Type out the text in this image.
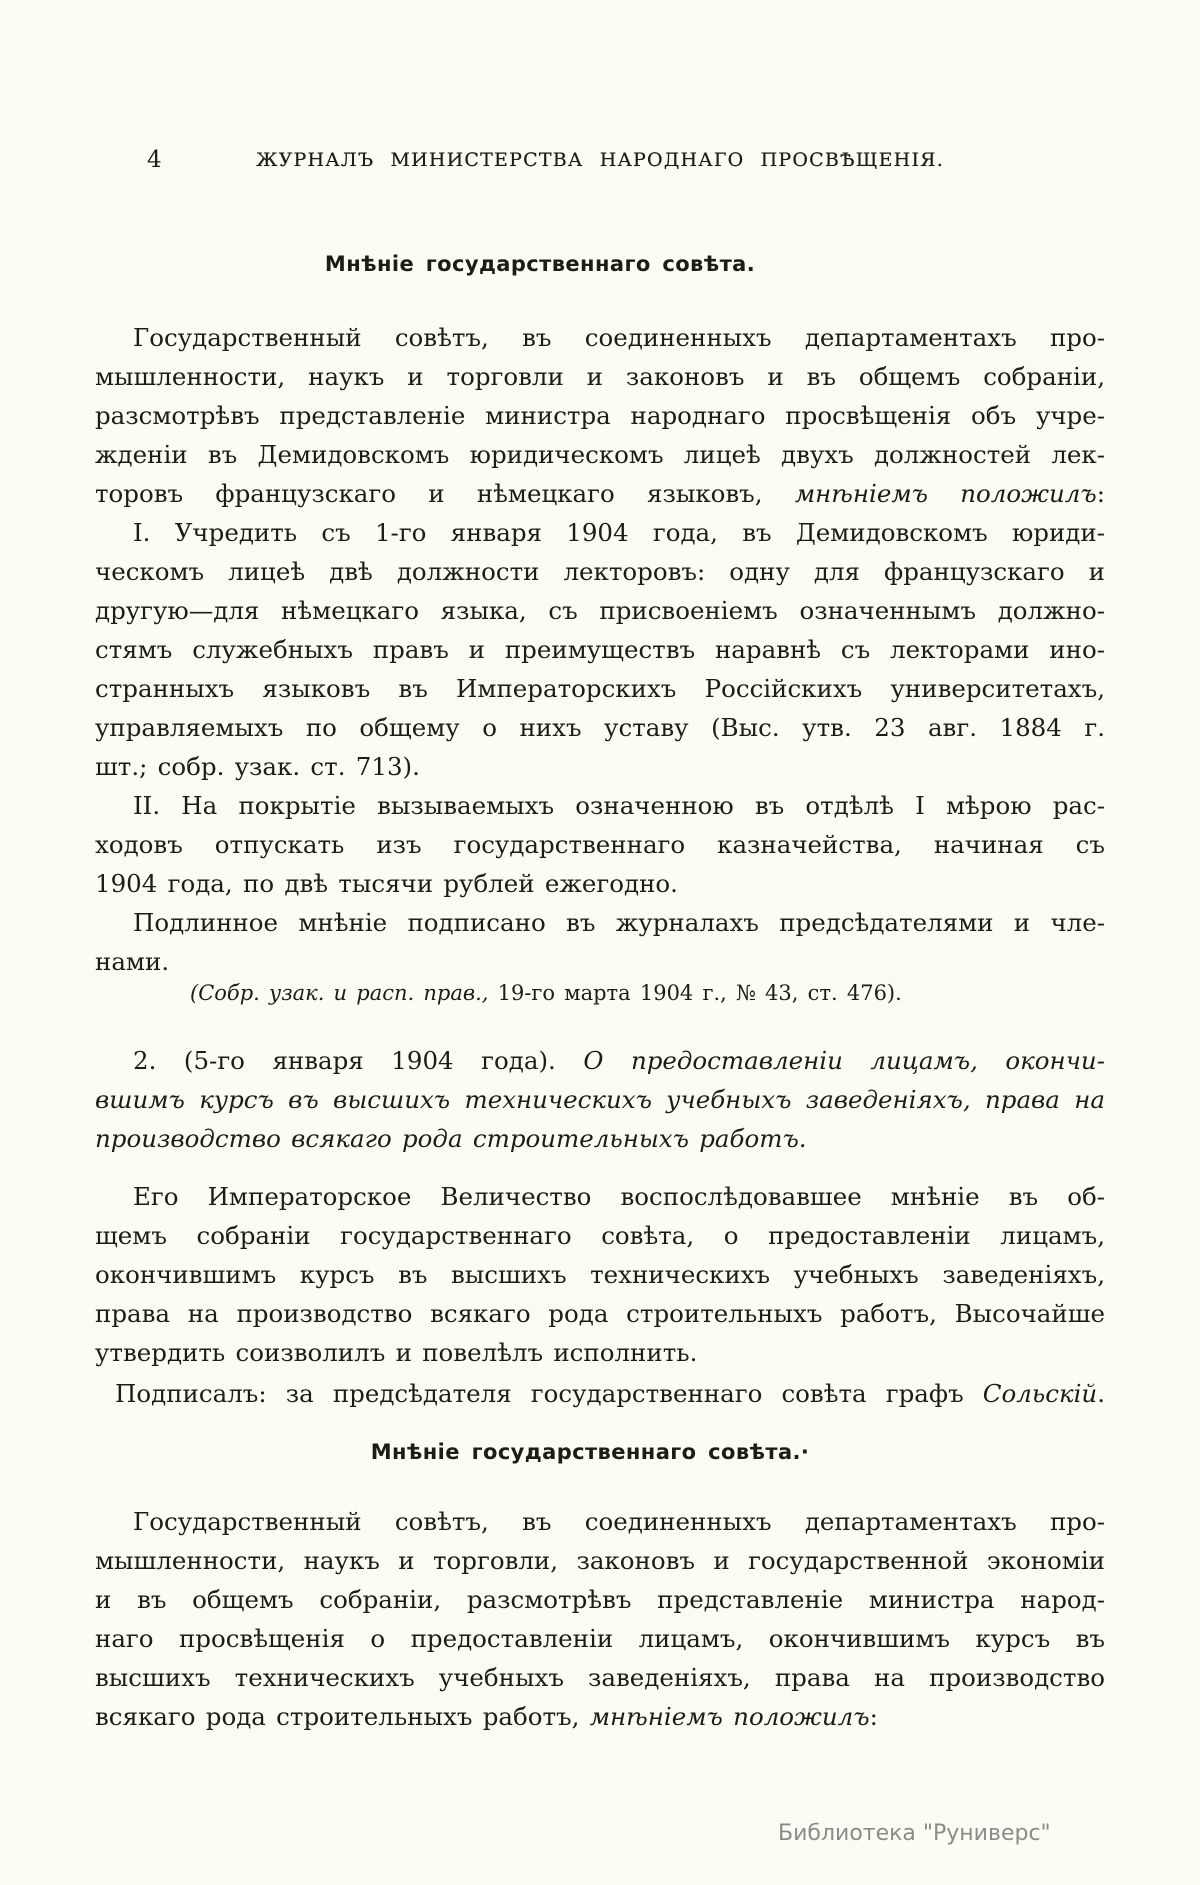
4	ЖУРНАЛЪ МИНИСТЕРСТВА НАРОДНАГО ПРОСВѢЩЕНІЯ.
Мнѣніе государственнаго совѣта.
Государственный совѣтъ, въ соединенныхъ департаментахъ про-
мышленности, наукъ и торговли и законовъ и въ общемъ собраніи,
разсмотрѣвъ представленіе министра народнаго просвѣщенія объ учре-
жденіи въ Демидовскомъ юридическомъ лицеѣ двухъ должностей лек-
торовъ французскаго и нѣмецкаго языковъ, мнѣніемъ положилъ:
I. Учредить съ 1-го января 1904 года, въ Демидовскомъ юриди-
ческомъ лицеѣ двѣ должности лекторовъ: одну для французскаго и
другую—для нѣмецкаго языка, съ присвоеніемъ означеннымъ должно-
стямъ служебныхъ правъ и преимуществъ наравнѣ съ лекторами ино-
странныхъ языковъ въ Императорскихъ Россійскихъ университетахъ,
управляемыхъ по общему о нихъ уставу (Выс. утв. 23 авг. 1884 г.
шт.; собр. узак. ст. 713).
II. На покрытіе вызываемыхъ означенною въ отдѣлѣ I мѣрою рас-
ходовъ отпускать изъ государственнаго казначейства, начиная съ
1904 года, по двѣ тысячи рублей ежегодно.
Подлинное мнѣніе подписано въ журналахъ предсѣдателями и чле-
нами.
(Собр. узак. и расп. прав., 19-го марта 1904 г., № 43, ст. 476).
2. (5-го января 1904 года). О предоставленіи лицамъ, окончи-
вшимъ курсъ въ высшихъ техническихъ учебныхъ заведеніяхъ, права на
производство всякаго рода строительныхъ работъ.
Его Императорское Величество воспослѣдовавшее мнѣніе въ об-
щемъ собраніи государственнаго совѣта, о предоставленіи лицамъ,
окончившимъ курсъ въ высшихъ техническихъ учебныхъ заведеніяхъ,
права на производство всякаго рода строительныхъ работъ, Высочайше
утвердить соизволилъ и повелѣлъ исполнить.
Подписалъ: за предсѣдателя государственнаго совѣта графъ Сольскій.
Мнѣніе государственнаго совѣта.·
Государственный совѣтъ, въ соединенныхъ департаментахъ про-
мышленности, наукъ и торговли, законовъ и государственной экономіи
и въ общемъ собраніи, разсмотрѣвъ представленіе министра народ-
наго просвѣщенія о предоставленіи лицамъ, окончившимъ курсъ въ
высшихъ техническихъ учебныхъ заведеніяхъ, права на производство
всякаго рода строительныхъ работъ, мнѣніемъ положилъ:
Библиотека "Руниверс"
